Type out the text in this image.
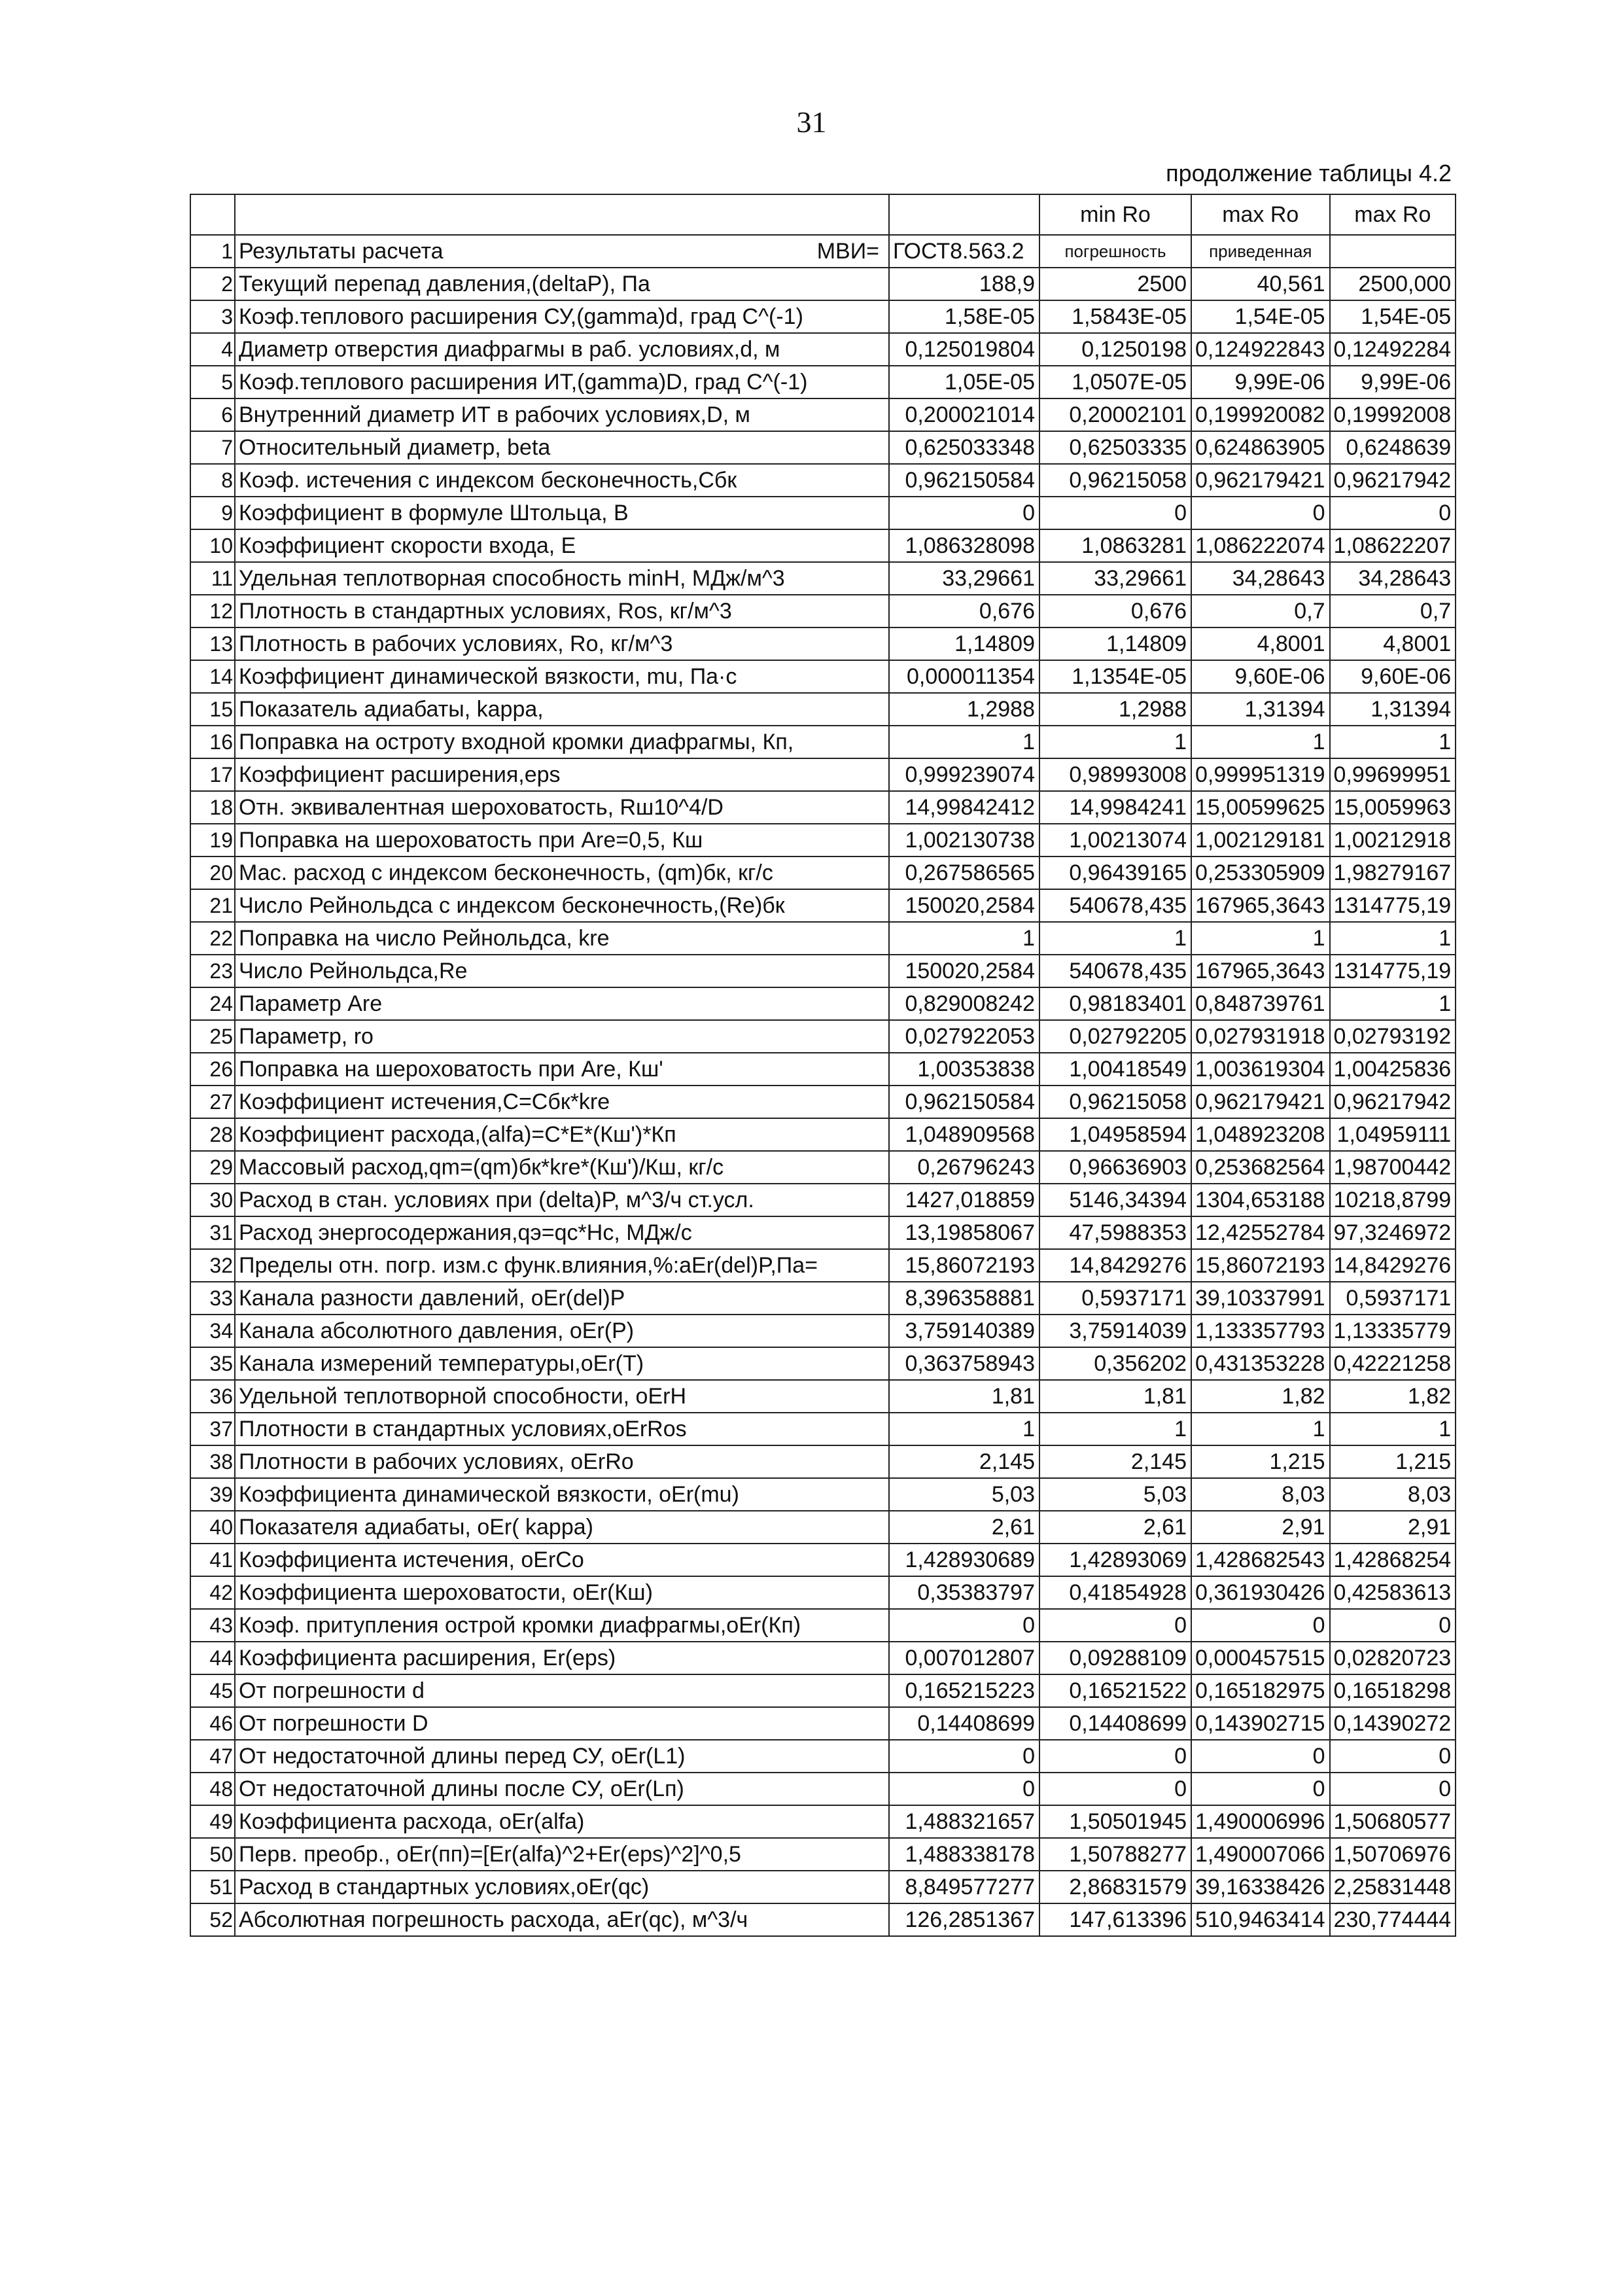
31
продолжение таблицы 4.2
			min Ro	max Ro	max Ro
1	Результаты расчета МВИ=	ГОСТ8.563.2	погрешность	приведенная	
2	Текущий перепад давления,(deltaP), Па	188,9	2500	40,561	2500,000
3	Коэф.теплового расширения СУ,(gamma)d, град С^(-1)	1,58E-05	1,5843E-05	1,54E-05	1,54E-05
4	Диаметр отверстия диафрагмы в раб. условиях,d, м	0,125019804	0,1250198	0,124922843	0,12492284
5	Коэф.теплового расширения ИТ,(gamma)D, град С^(-1)	1,05E-05	1,0507E-05	9,99E-06	9,99E-06
6	Внутренний диаметр ИТ в рабочих условиях,D, м	0,200021014	0,20002101	0,199920082	0,19992008
7	Относительный диаметр, beta	0,625033348	0,62503335	0,624863905	0,6248639
8	Коэф. истечения с индексом бесконечность,Сбк	0,962150584	0,96215058	0,962179421	0,96217942
9	Коэффициент в формуле Штольца, B	0	0	0	0
10	Коэффициент скорости входа, E	1,086328098	1,0863281	1,086222074	1,08622207
11	Удельная теплотворная способность minH, МДж/м^3	33,29661	33,29661	34,28643	34,28643
12	Плотность в стандартных условиях, Ros, кг/м^3	0,676	0,676	0,7	0,7
13	Плотность в рабочих условиях, Ro, кг/м^3	1,14809	1,14809	4,8001	4,8001
14	Коэффициент динамической вязкости, mu, Па·с	0,000011354	1,1354E-05	9,60E-06	9,60E-06
15	Показатель адиабаты, kappa,	1,2988	1,2988	1,31394	1,31394
16	Поправка на остроту входной кромки диафрагмы, Кп,	1	1	1	1
17	Коэффициент расширения,eps	0,999239074	0,98993008	0,999951319	0,99699951
18	Отн. эквивалентная шероховатость, Rш10^4/D	14,99842412	14,9984241	15,00599625	15,0059963
19	Поправка на шероховатость при Are=0,5, Кш	1,002130738	1,00213074	1,002129181	1,00212918
20	Мас. расход с индексом бесконечность, (qm)бк, кг/с	0,267586565	0,96439165	0,253305909	1,98279167
21	Число Рейнольдса с индексом бесконечность,(Re)бк	150020,2584	540678,435	167965,3643	1314775,19
22	Поправка на число Рейнольдса, kre	1	1	1	1
23	Число Рейнольдса,Re	150020,2584	540678,435	167965,3643	1314775,19
24	Параметр Are	0,829008242	0,98183401	0,848739761	1
25	Параметр, ro	0,027922053	0,02792205	0,027931918	0,02793192
26	Поправка на шероховатость при Are, Кш'	1,00353838	1,00418549	1,003619304	1,00425836
27	Коэффициент истечения,C=Cбк*kre	0,962150584	0,96215058	0,962179421	0,96217942
28	Коэффициент расхода,(alfa)=C*E*(Кш')*Кп	1,048909568	1,04958594	1,048923208	1,04959111
29	Массовый расход,qm=(qm)бк*kre*(Кш')/Кш, кг/с	0,26796243	0,96636903	0,253682564	1,98700442
30	Расход в стан. условиях при (delta)P, м^3/ч ст.усл.	1427,018859	5146,34394	1304,653188	10218,8799
31	Расход энергосодержания,qэ=qc*Hc, МДж/с	13,19858067	47,5988353	12,42552784	97,3246972
32	Пределы отн. погр. изм.с функ.влияния,%:aEr(del)P,Па=	15,86072193	14,8429276	15,86072193	14,8429276
33	Канала разности давлений, oEr(del)P	8,396358881	0,5937171	39,10337991	0,5937171
34	Канала абсолютного давления, oEr(P)	3,759140389	3,75914039	1,133357793	1,13335779
35	Канала измерений температуры,oEr(T)	0,363758943	0,356202	0,431353228	0,42221258
36	Удельной теплотворной способности, oErH	1,81	1,81	1,82	1,82
37	Плотности в стандартных условиях,oErRos	1	1	1	1
38	Плотности в рабочих условиях, oErRo	2,145	2,145	1,215	1,215
39	Коэффициента динамической вязкости, oEr(mu)	5,03	5,03	8,03	8,03
40	Показателя адиабаты, oEr( kappa)	2,61	2,61	2,91	2,91
41	Коэффициента истечения, oErCo	1,428930689	1,42893069	1,428682543	1,42868254
42	Коэффициента шероховатости, oEr(Кш)	0,35383797	0,41854928	0,361930426	0,42583613
43	Коэф. притупления острой кромки диафрагмы,oEr(Кп)	0	0	0	0
44	Коэффициента расширения, Er(eps)	0,007012807	0,09288109	0,000457515	0,02820723
45	От погрешности d	0,165215223	0,16521522	0,165182975	0,16518298
46	От погрешности D	0,14408699	0,14408699	0,143902715	0,14390272
47	От недостаточной длины перед СУ, oEr(L1)	0	0	0	0
48	От недостаточной длины после СУ, oEr(Lп)	0	0	0	0
49	Коэффициента расхода, oEr(alfa)	1,488321657	1,50501945	1,490006996	1,50680577
50	Перв. преобр., oEr(пп)=[Er(alfa)^2+Er(eps)^2]^0,5	1,488338178	1,50788277	1,490007066	1,50706976
51	Расход в стандартных условиях,oEr(qc)	8,849577277	2,86831579	39,16338426	2,25831448
52	Абсолютная погрешность расхода, aEr(qc), м^3/ч	126,2851367	147,613396	510,9463414	230,774444
